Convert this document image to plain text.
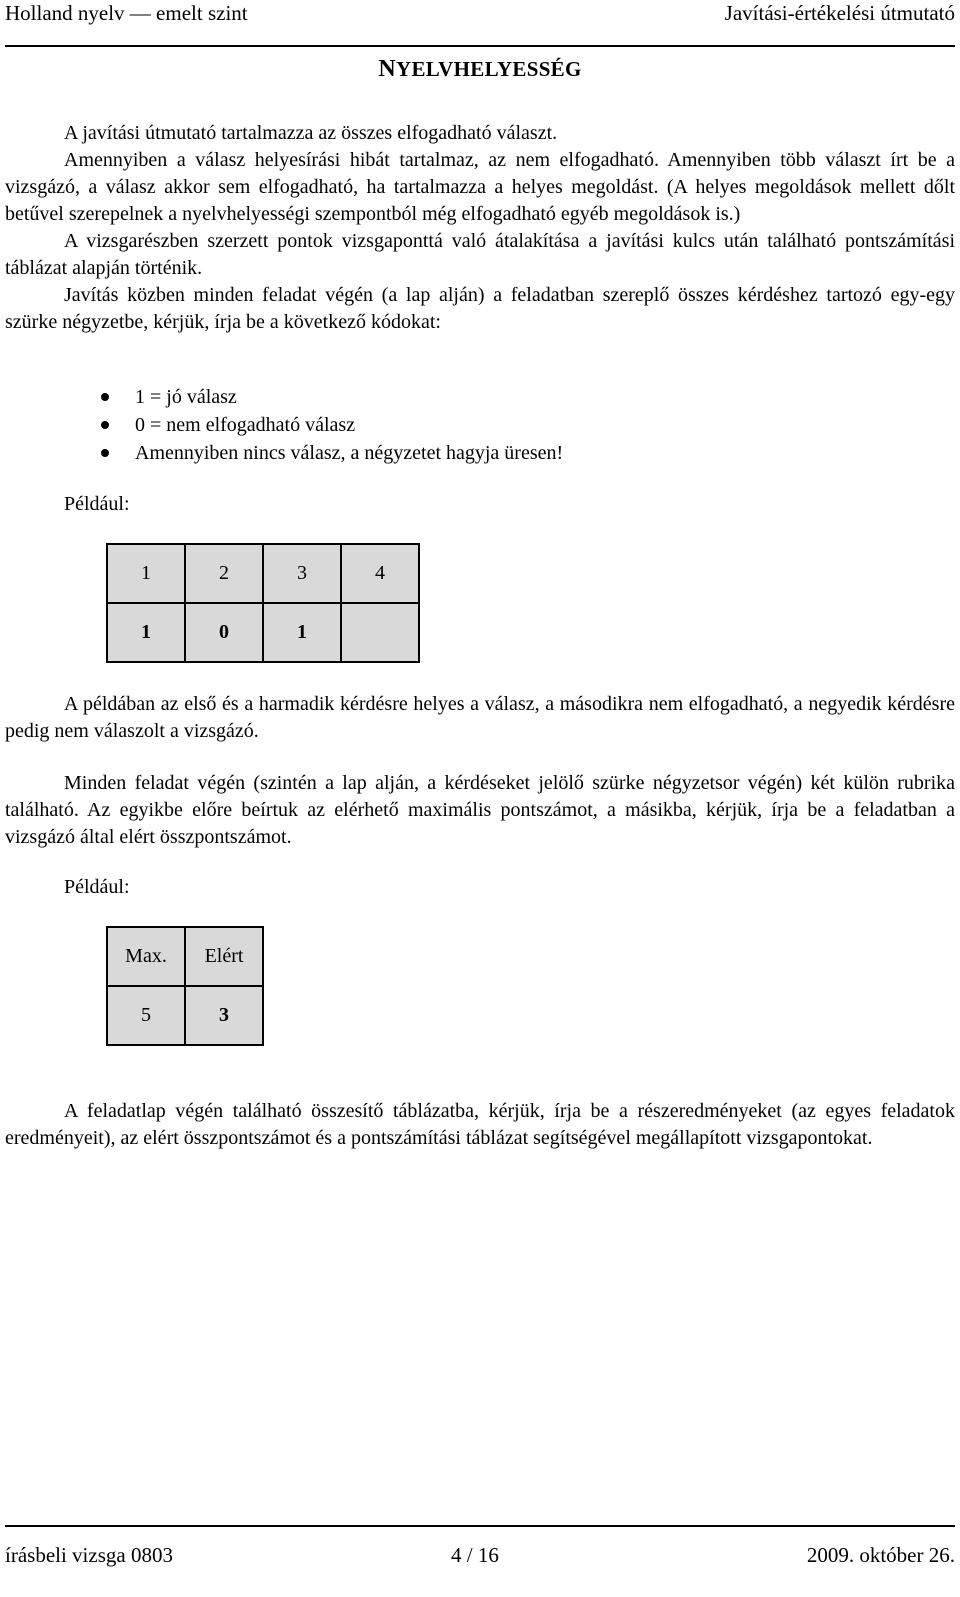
Holland nyelv — emelt szint	Javítási-értékelési útmutató
NYELVHELYESSÉG

A javítási útmutató tartalmazza az összes elfogadható választ.

Amennyiben a válasz helyesírási hibát tartalmaz, az nem elfogadható. Amennyiben több választ írt be a vizsgázó, a válasz akkor sem elfogadható, ha tartalmazza a helyes megoldást. (A helyes megoldások mellett dőlt betűvel szerepelnek a nyelvhelyességi szempontból még elfogadható egyéb megoldások is.)

A vizsgarészben szerzett pontok vizsgaponttá való átalakítása a javítási kulcs után található pontszámítási táblázat alapján történik.

Javítás közben minden feladat végén (a lap alján) a feladatban szereplő összes kérdéshez tartozó egy-egy szürke négyzetbe, kérjük, írja be a következő kódokat:

1 = jó válasz
0 = nem elfogadható válasz
Amennyiben nincs válasz, a négyzetet hagyja üresen!
Például:
1	2	3	4
1	0	1	

A példában az első és a harmadik kérdésre helyes a válasz, a másodikra nem elfogadható, a negyedik kérdésre pedig nem válaszolt a vizsgázó.

Minden feladat végén (szintén a lap alján, a kérdéseket jelölő szürke négyzetsor végén) két külön rubrika található. Az egyikbe előre beírtuk az elérhető maximális pontszámot, a másikba, kérjük, írja be a feladatban a vizsgázó által elért összpontszámot.

Például:
Max.	Elért
5	3

A feladatlap végén található összesítő táblázatba, kérjük, írja be a részeredményeket (az egyes feladatok eredményeit), az elért összpontszámot és a pontszámítási táblázat segítségével megállapított vizsgapontokat.

írásbeli vizsga 0803	4 / 16	2009. október 26.
